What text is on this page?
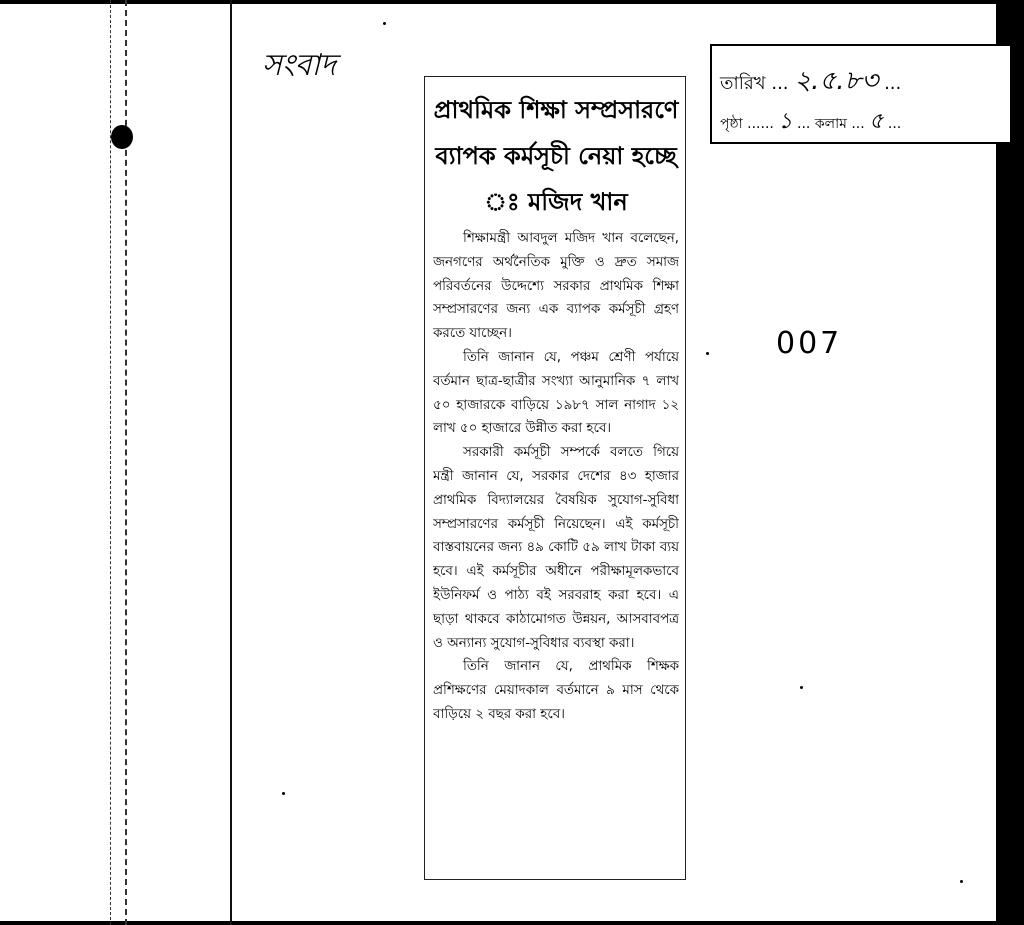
সংবাদ
তারিখ ... ২.৫.৮৩ ...
পৃষ্ঠা ...... ১ ... কলাম ... ৫ ...
007
প্রাথমিক শিক্ষা সম্প্রসারণে ব্যাপক কর্মসূচী নেয়া হচ্ছে ঃ মজিদ খান

শিক্ষামন্ত্রী আবদুল মজিদ খান বলেছেন, জনগণের অর্থনৈতিক মুক্তি ও দ্রুত সমাজ পরিবর্তনের উদ্দেশ্যে সরকার প্রাথমিক শিক্ষা সম্প্রসারণের জন্য এক ব্যাপক কর্মসূচী গ্রহণ করতে যাচ্ছেন।

তিনি জানান যে, পঞ্চম শ্রেণী পর্যায়ে বর্তমান ছাত্র-ছাত্রীর সংখ্যা আনুমানিক ৭ লাখ ৫০ হাজারকে বাড়িয়ে ১৯৮৭ সাল নাগাদ ১২ লাখ ৫০ হাজারে উন্নীত করা হবে।

সরকারী কর্মসূচী সম্পর্কে বলতে গিয়ে মন্ত্রী জানান যে, সরকার দেশের ৪৩ হাজার প্রাথমিক বিদ্যালয়ের বৈষয়িক সুযোগ-সুবিধা সম্প্রসারণের কর্মসূচী নিয়েছেন। এই কর্মসূচী বাস্তবায়নের জন্য ৪৯ কোটি ৫৯ লাখ টাকা ব্যয় হবে। এই কর্মসূচীর অধীনে পরীক্ষামূলকভাবে ইউনিফর্ম ও পাঠ্য বই সরবরাহ করা হবে। এ ছাড়া থাকবে কাঠামোগত উন্নয়ন, আসবাবপত্র ও অন্যান্য সুযোগ-সুবিধার ব্যবস্থা করা।

তিনি জানান যে, প্রাথমিক শিক্ষক প্রশিক্ষণের মেয়াদকাল বর্তমানে ৯ মাস থেকে বাড়িয়ে ২ বছর করা হবে।
